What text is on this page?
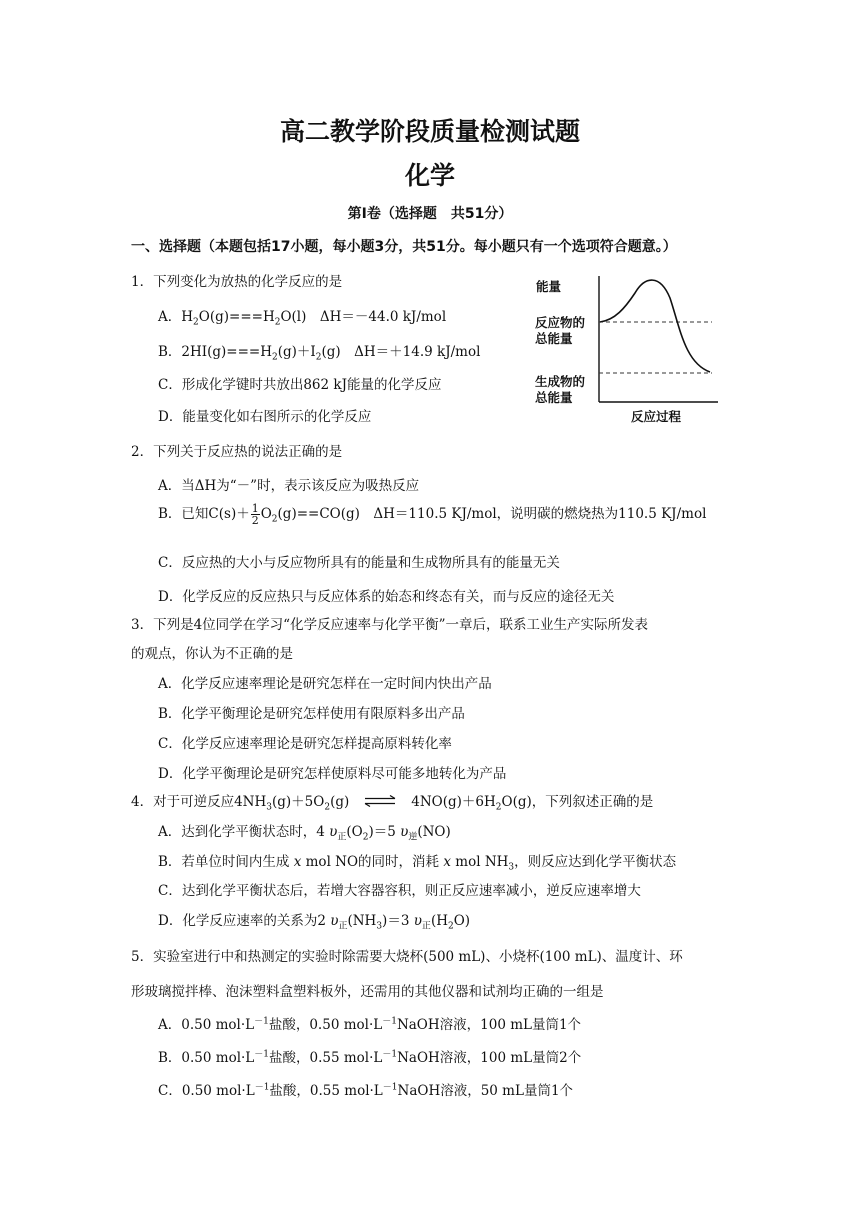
高二教学阶段质量检测试题
化学
第Ⅰ卷（选择题　共51分）
一、选择题（本题包括17小题，每小题3分，共51分。每小题只有一个选项符合题意。）
1．下列变化为放热的化学反应的是
A．$H_2O(g)===H_2O(l)$　ΔH＝－44.0 kJ/mol
B．$2HI(g)===H_2(g)+I_2(g)$　ΔH＝＋14.9 kJ/mol
C．形成化学键时共放出862 kJ能量的化学反应
D．能量变化如右图所示的化学反应
能量
反应物的
总能量
生成物的
总能量
反应过程
2．下列关于反应热的说法正确的是
A．当ΔH为“－”时，表示该反应为吸热反应
B．已知$C(s)+ \frac{1}{2} O_2(g)==CO(g)$　ΔH＝110.5 KJ/mol，说明碳的燃烧热为110.5 KJ/mol
C．反应热的大小与反应物所具有的能量和生成物所具有的能量无关
D．化学反应的反应热只与反应体系的始态和终态有关，而与反应的途径无关
3．下列是4位同学在学习“化学反应速率与化学平衡”一章后，联系工业生产实际所发表
的观点，你认为不正确的是
A．化学反应速率理论是研究怎样在一定时间内快出产品
B．化学平衡理论是研究怎样使用有限原料多出产品
C．化学反应速率理论是研究怎样提高原料转化率
D．化学平衡理论是研究怎样使原料尽可能多地转化为产品
4．对于可逆反应$4NH_3(g)+5O_2(g)$ ⇌ $4NO(g)+6H_2O(g)$，下列叙述正确的是
A．达到化学平衡状态时，4 $\upsilon_正(O_2)=5$ $\upsilon_逆(NO)$
B．若单位时间内生成 x mol NO的同时，消耗 x mol $NH_3$，则反应达到化学平衡状态
C．达到化学平衡状态后，若增大容器容积，则正反应速率减小，逆反应速率增大
D．化学反应速率的关系为2 $\upsilon_正(NH_3)=3$ $\upsilon_正(H_2O)$
5．实验室进行中和热测定的实验时除需要大烧杯(500 mL)、小烧杯(100 mL)、温度计、环
形玻璃搅拌棒、泡沫塑料盒塑料板外，还需用的其他仪器和试剂均正确的一组是
A．0.50 $mol\cdot L^{-1}$盐酸，0.50 $mol\cdot L^{-1}NaOH$溶液，100 mL量筒1个
B．0.50 $mol\cdot L^{-1}$盐酸，0.55 $mol\cdot L^{-1}NaOH$溶液，100 mL量筒2个
C．0.50 $mol\cdot L^{-1}$盐酸，0.55 $mol\cdot L^{-1}NaOH$溶液，50 mL量筒1个
